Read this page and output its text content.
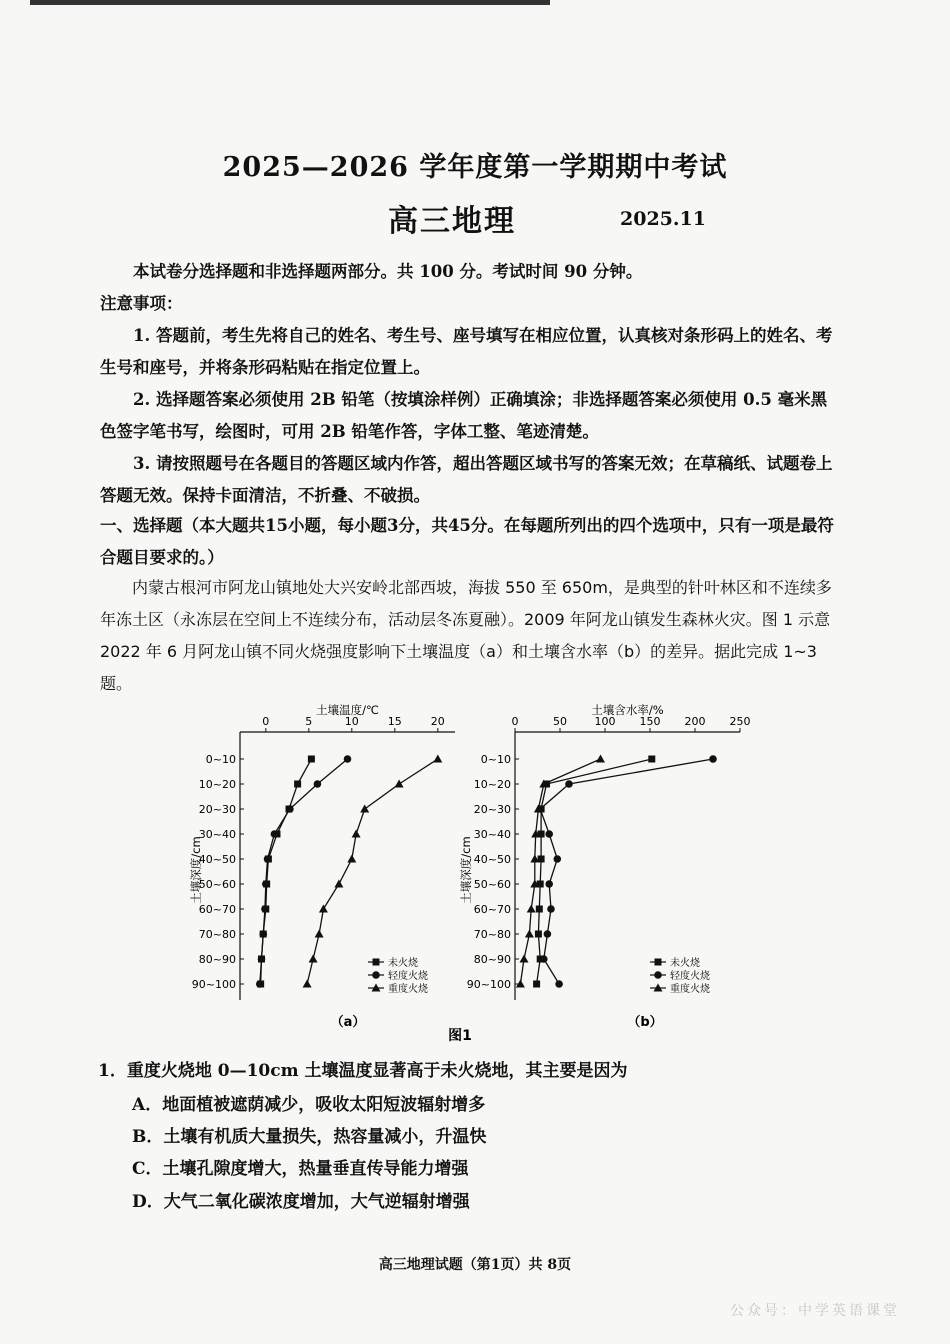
2025—2026 学年度第一学期期中考试
高三地理	2025.11
本试卷分选择题和非选择题两部分。共 100 分。考试时间 90 分钟。
注意事项：
1. 答题前，考生先将自己的姓名、考生号、座号填写在相应位置，认真核对条形码上的姓名、考生号和座号，并将条形码粘贴在指定位置上。
2. 选择题答案必须使用 2B 铅笔（按填涂样例）正确填涂；非选择题答案必须使用 0.5 毫米黑色签字笔书写，绘图时，可用 2B 铅笔作答，字体工整、笔迹清楚。
3. 请按照题号在各题目的答题区域内作答，超出答题区域书写的答案无效；在草稿纸、试题卷上答题无效。保持卡面清洁，不折叠、不破损。
一、选择题（本大题共15小题，每小题3分，共45分。在每题所列出的四个选项中，只有一项是最符合题目要求的。）
内蒙古根河市阿龙山镇地处大兴安岭北部西坡，海拔 550 至 650m，是典型的针叶林区和不连续多年冻土区（永冻层在空间上不连续分布，活动层冬冻夏融）。2009 年阿龙山镇发生森林火灾。图 1 示意 2022 年 6 月阿龙山镇不同火烧强度影响下土壤温度（a）和土壤含水率（b）的差异。据此完成 1~3 题。
0	5	10	15	20
土壤温度/℃
0~10
10~20
20~30
30~40
40~50
50~60
60~70
70~80
80~90
90~100
土壤深度/cm
未火烧
轻度火烧
重度火烧
（a）
0	50	100 150 200 250
土壤含水率/%
0~10
10~20
20~30
30~40
40~50
50~60
60~70
70~80
80~90
90~100
土壤深度/cm
未火烧
轻度火烧
重度火烧
（b）
图1
1．重度火烧地 0—10cm 土壤温度显著高于未火烧地，其主要是因为
A．地面植被遮荫减少，吸收太阳短波辐射增多
B．土壤有机质大量损失，热容量减小，升温快
C．土壤孔隙度增大，热量垂直传导能力增强
D．大气二氧化碳浓度增加，大气逆辐射增强
高三地理试题（第1页）共 8页
公众号：中学英语课堂
